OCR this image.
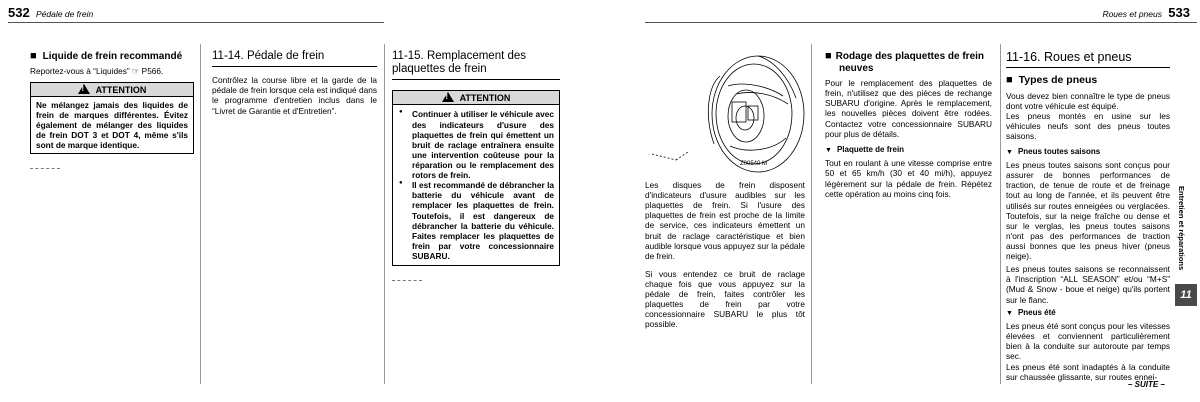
532 Pédale de frein
■ Liquide de frein recommandé
Reportez-vous à “Liquides” ☞ P566.
! ATTENTION
Ne mélangez jamais des liquides de frein de marques différentes. Évitez également de mélanger des liquides de frein DOT 3 et DOT 4, même s'ils sont de marque identique.
11-14. Pédale de frein
Contrôlez la course libre et la garde de la pédale de frein lorsque cela est indiqué dans le programme d'entretien inclus dans le “Livret de Garantie et d'Entretien”.
11-15. Remplacement des plaquettes de frein
! ATTENTION
● Continuer à utiliser le véhicule avec des indicateurs d'usure des plaquettes de frein qui émettent un bruit de raclage entraînera ensuite une intervention coûteuse pour la réparation ou le remplacement des rotors de frein.
● Il est recommandé de débrancher la batterie du véhicule avant de remplacer les plaquettes de frein. Toutefois, il est dangereux de débrancher la batterie du véhicule. Faites remplacer les plaquettes de frein par votre concessionnaire SUBARU.
Roues et pneus 533
Z00540 M
Les disques de frein disposent d'indicateurs d'usure audibles sur les plaquettes de frein. Si l'usure des plaquettes de frein est proche de la limite de service, ces indicateurs émettent un bruit de raclage caractéristique et bien audible lorsque vous appuyez sur la pédale de frein.
Si vous entendez ce bruit de raclage chaque fois que vous appuyez sur la pédale de frein, faites contrôler les plaquettes de frein par votre concessionnaire SUBARU le plus tôt possible.
■ Rodage des plaquettes de frein neuves
Pour le remplacement des plaquettes de frein, n'utilisez que des pièces de rechange SUBARU d'origine. Après le remplacement, les nouvelles pièces doivent être rodées. Contactez votre concessionnaire SUBARU pour plus de détails.
▼ Plaquette de frein
Tout en roulant à une vitesse comprise entre 50 et 65 km/h (30 et 40 mi/h), appuyez légèrement sur la pédale de frein. Répétez cette opération au moins cinq fois.
11-16. Roues et pneus
■ Types de pneus
Vous devez bien connaître le type de pneus dont votre véhicule est équipé.
Les pneus montés en usine sur les véhicules neufs sont des pneus toutes saisons.
▼ Pneus toutes saisons
Les pneus toutes saisons sont conçus pour assurer de bonnes performances de traction, de tenue de route et de freinage tout au long de l'année, et ils peuvent être utilisés sur routes enneigées ou verglacées. Toutefois, sur la neige fraîche ou dense et sur le verglas, les pneus toutes saisons n'ont pas des performances de traction aussi bonnes que les pneus hiver (pneus neige).
Les pneus toutes saisons se reconnaissent à l'inscription “ALL SEASON” et/ou “M+S” (Mud & Snow - boue et neige) qu'ils portent sur le flanc.
▼ Pneus été
Les pneus été sont conçus pour les vitesses élevées et conviennent particulièrement bien à la conduite sur autoroute par temps sec.
Les pneus été sont inadaptés à la conduite sur chaussée glissante, sur routes ennei-
– SUITE –
Entretien et réparations
11
